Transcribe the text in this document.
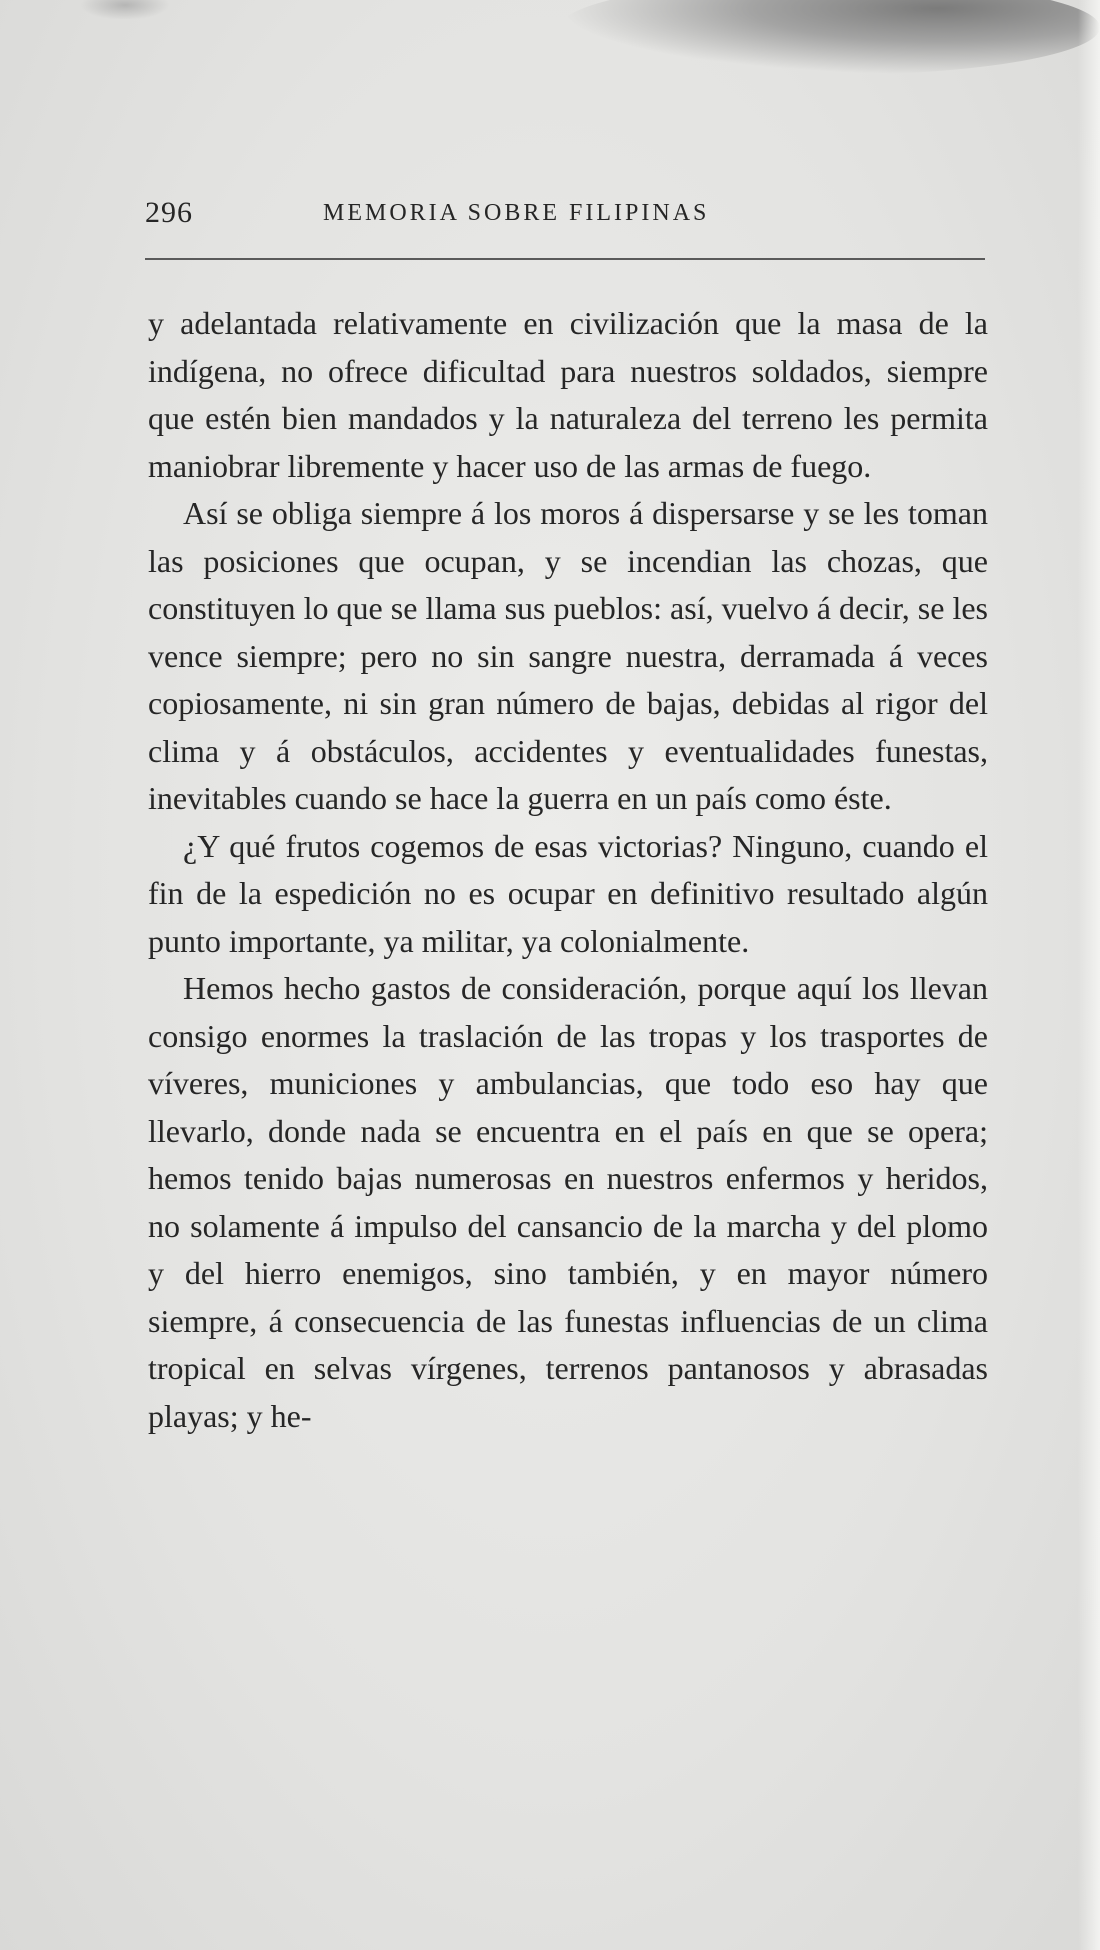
296	MEMORIA SOBRE FILIPINAS

y adelantada relativamente en civilización que la masa de la indígena, no ofrece dificultad para nuestros soldados, siempre que estén bien mandados y la naturaleza del terreno les permita maniobrar libremente y hacer uso de las armas de fuego.

Así se obliga siempre á los moros á dispersarse y se les toman las posiciones que ocupan, y se incendian las chozas, que constituyen lo que se llama sus pueblos: así, vuelvo á decir, se les vence siempre; pero no sin sangre nuestra, derramada á veces copiosamente, ni sin gran número de bajas, debidas al rigor del clima y á obstáculos, accidentes y eventualidades funestas, inevitables cuando se hace la guerra en un país como éste.

¿Y qué frutos cogemos de esas victorias? Ninguno, cuando el fin de la espedición no es ocupar en definitivo resultado algún punto importante, ya militar, ya colonialmente.

Hemos hecho gastos de consideración, porque aquí los llevan consigo enormes la traslación de las tropas y los trasportes de víveres, municiones y ambulancias, que todo eso hay que llevarlo, donde nada se encuentra en el país en que se opera; hemos tenido bajas numerosas en nuestros enfermos y heridos, no solamente á impulso del cansancio de la marcha y del plomo y del hierro enemigos, sino también, y en mayor número siempre, á consecuencia de las funestas influencias de un clima tropical en selvas vírgenes, terrenos pantanosos y abrasadas playas; y he-
